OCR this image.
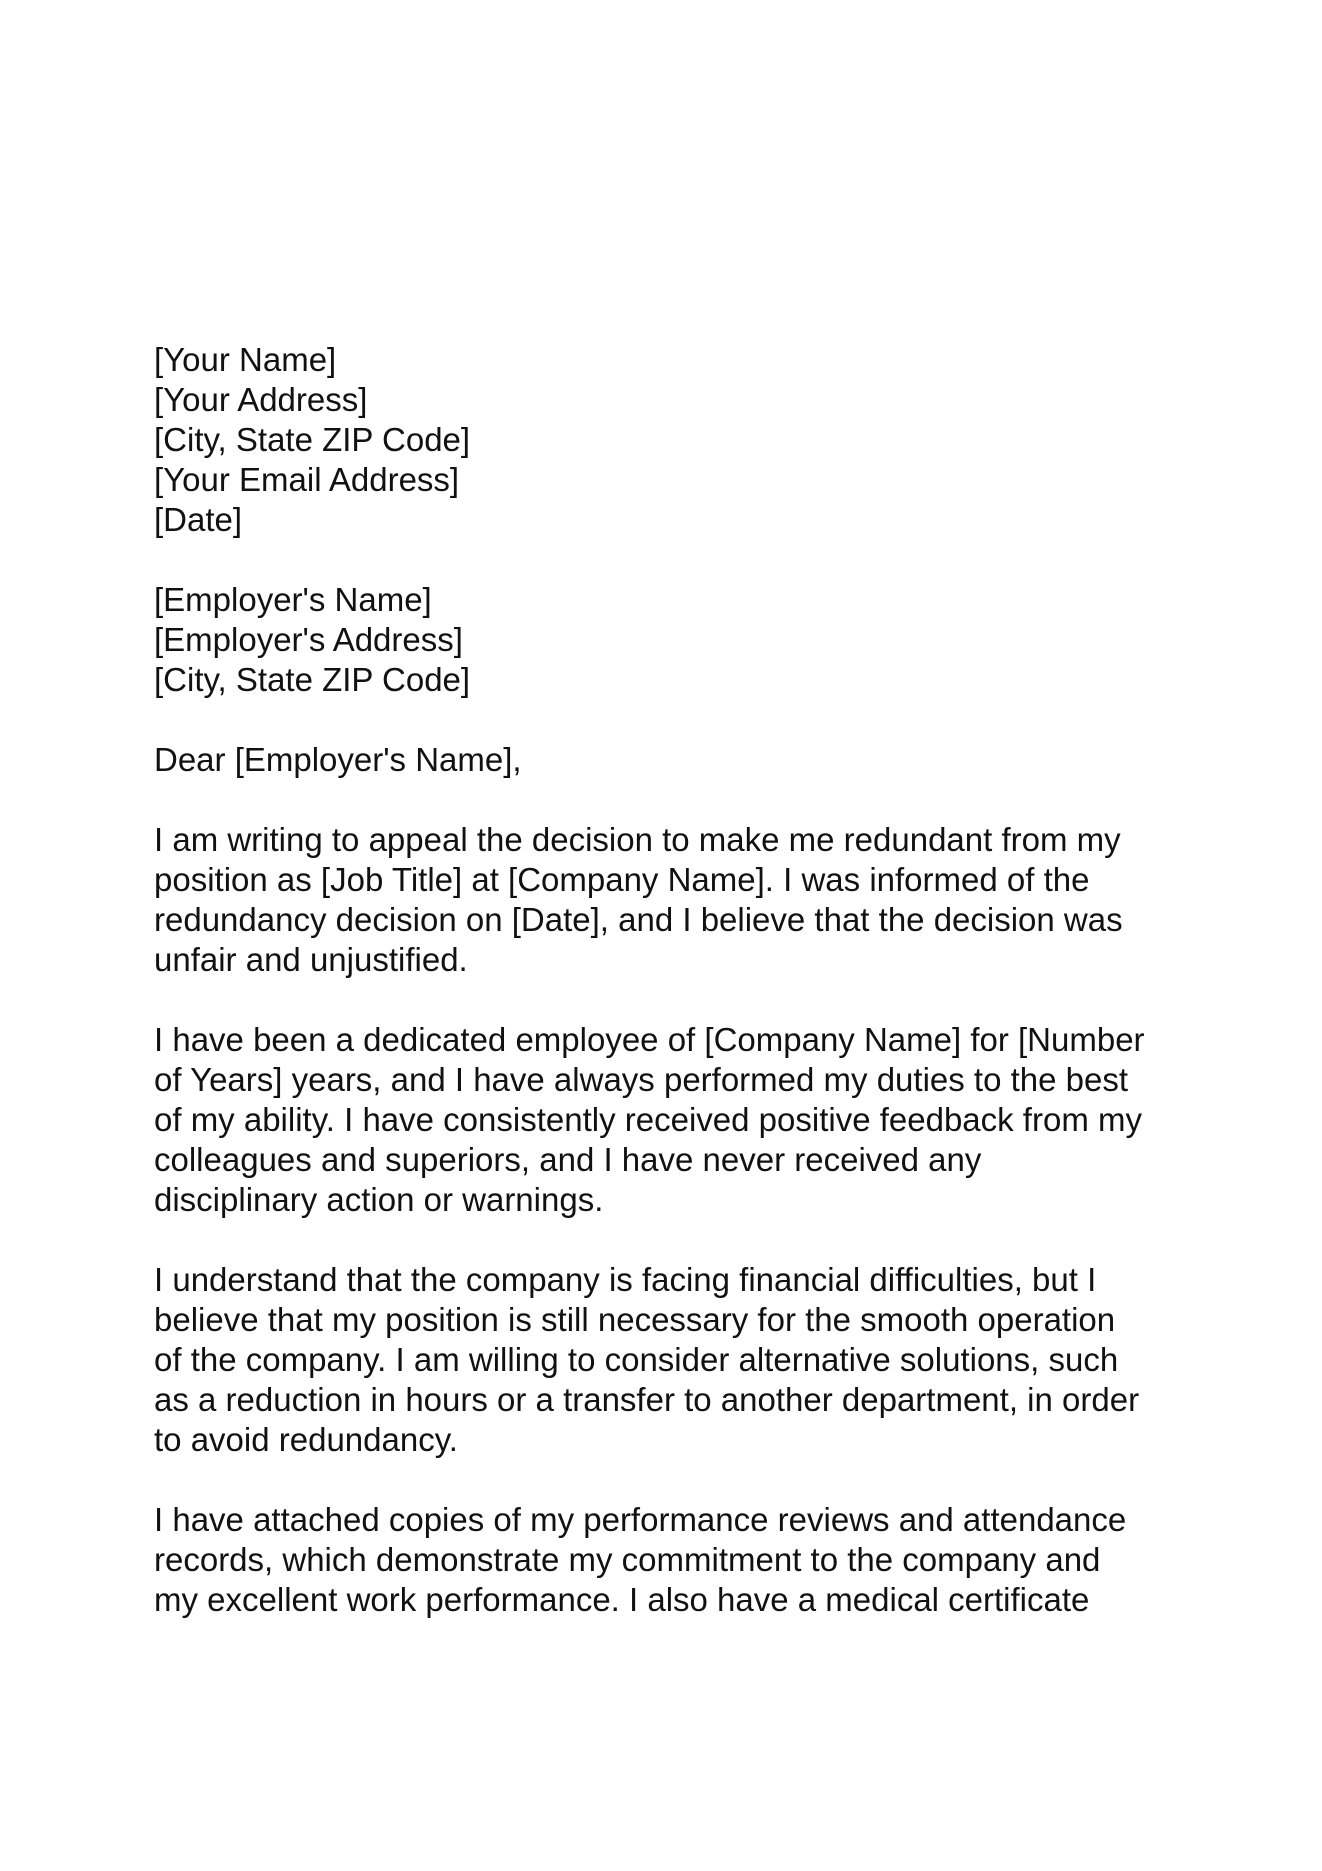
[Your Name]
[Your Address]
[City, State ZIP Code]
[Your Email Address]
[Date]
[Employer's Name]
[Employer's Address]
[City, State ZIP Code]
Dear [Employer's Name],
I am writing to appeal the decision to make me redundant from my
position as [Job Title] at [Company Name]. I was informed of the
redundancy decision on [Date], and I believe that the decision was
unfair and unjustified.
I have been a dedicated employee of [Company Name] for [Number
of Years] years, and I have always performed my duties to the best
of my ability. I have consistently received positive feedback from my
colleagues and superiors, and I have never received any
disciplinary action or warnings.
I understand that the company is facing financial difficulties, but I
believe that my position is still necessary for the smooth operation
of the company. I am willing to consider alternative solutions, such
as a reduction in hours or a transfer to another department, in order
to avoid redundancy.
I have attached copies of my performance reviews and attendance
records, which demonstrate my commitment to the company and
my excellent work performance. I also have a medical certificate
